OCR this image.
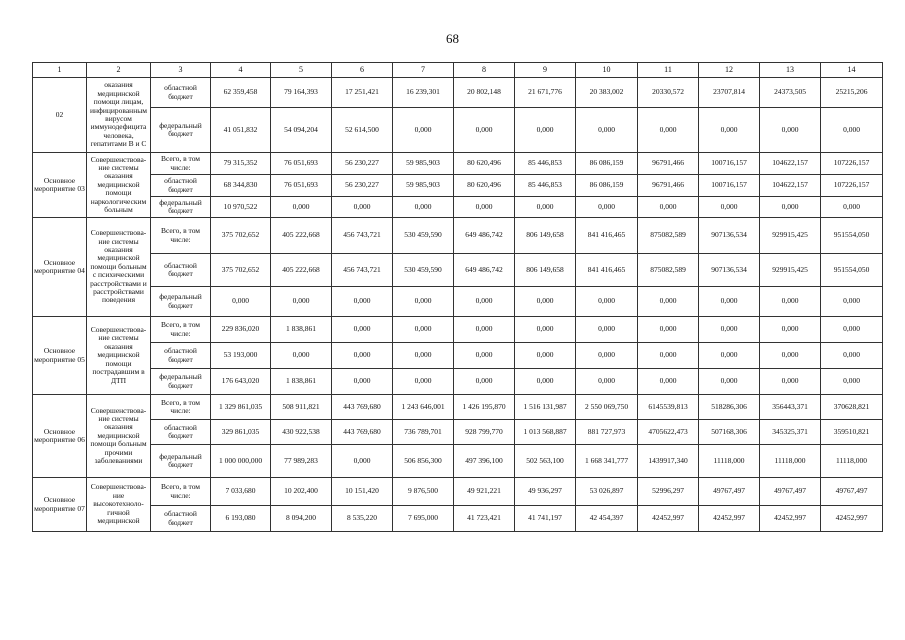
68
1	2	3	4	5	6	7	8	9	10	11	12	13	14
02	оказания медицинской помощи лицам, инфицированным вирусом иммунодефицита человека, гепатитами В и С	областной бюджет	62 359,458	79 164,393	17 251,421	16 239,301	20 802,148	21 671,776	20 383,002	20330,572	23707,814	24373,505	25215,206
		федеральный бюджет	41 051,832	54 094,204	52 614,500	0,000	0,000	0,000	0,000	0,000	0,000	0,000	0,000
Основное мероприятие 03	Совершенствова-ние системы оказания медицинской помощи наркологическим больным	Всего, в том числе:	79 315,352	76 051,693	56 230,227	59 985,903	80 620,496	85 446,853	86 086,159	96791,466	100716,157	104622,157	107226,157
		областной бюджет	68 344,830	76 051,693	56 230,227	59 985,903	80 620,496	85 446,853	86 086,159	96791,466	100716,157	104622,157	107226,157
		федеральный бюджет	10 970,522	0,000	0,000	0,000	0,000	0,000	0,000	0,000	0,000	0,000	0,000
Основное мероприятие 04	Совершенствова-ние системы оказания медицинской помощи больным с психическими расстройствами и расстройствами поведения	Всего, в том числе:	375 702,652	405 222,668	456 743,721	530 459,590	649 486,742	806 149,658	841 416,465	875082,589	907136,534	929915,425	951554,050
		областной бюджет	375 702,652	405 222,668	456 743,721	530 459,590	649 486,742	806 149,658	841 416,465	875082,589	907136,534	929915,425	951554,050
		федеральный бюджет	0,000	0,000	0,000	0,000	0,000	0,000	0,000	0,000	0,000	0,000	0,000
Основное мероприятие 05	Совершенствова-ние системы оказания медицинской помощи пострадавшим в ДТП	Всего, в том числе:	229 836,020	1 838,861	0,000	0,000	0,000	0,000	0,000	0,000	0,000	0,000	0,000
		областной бюджет	53 193,000	0,000	0,000	0,000	0,000	0,000	0,000	0,000	0,000	0,000	0,000
		федеральный бюджет	176 643,020	1 838,861	0,000	0,000	0,000	0,000	0,000	0,000	0,000	0,000	0,000
Основное мероприятие 06	Совершенствова-ние системы оказания медицинской помощи больным прочими заболеваниями	Всего, в том числе:	1 329 861,035	508 911,821	443 769,680	1 243 646,001	1 426 195,870	1 516 131,987	2 550 069,750	6145539,813	518286,306	356443,371	370628,821
		областной бюджет	329 861,035	430 922,538	443 769,680	736 789,701	928 799,770	1 013 568,887	881 727,973	4705622,473	507168,306	345325,371	359510,821
		федеральный бюджет	1 000 000,000	77 989,283	0,000	506 856,300	497 396,100	502 563,100	1 668 341,777	1439917,340	11118,000	11118,000	11118,000
Основное мероприятие 07	Совершенствова-ние высокотехноло-гичной медицинской	Всего, в том числе:	7 033,680	10 202,400	10 151,420	9 876,500	49 921,221	49 936,297	53 026,897	52996,297	49767,497	49767,497	49767,497
		областной бюджет	6 193,080	8 094,200	8 535,220	7 695,000	41 723,421	41 741,197	42 454,397	42452,997	42452,997	42452,997	42452,997
